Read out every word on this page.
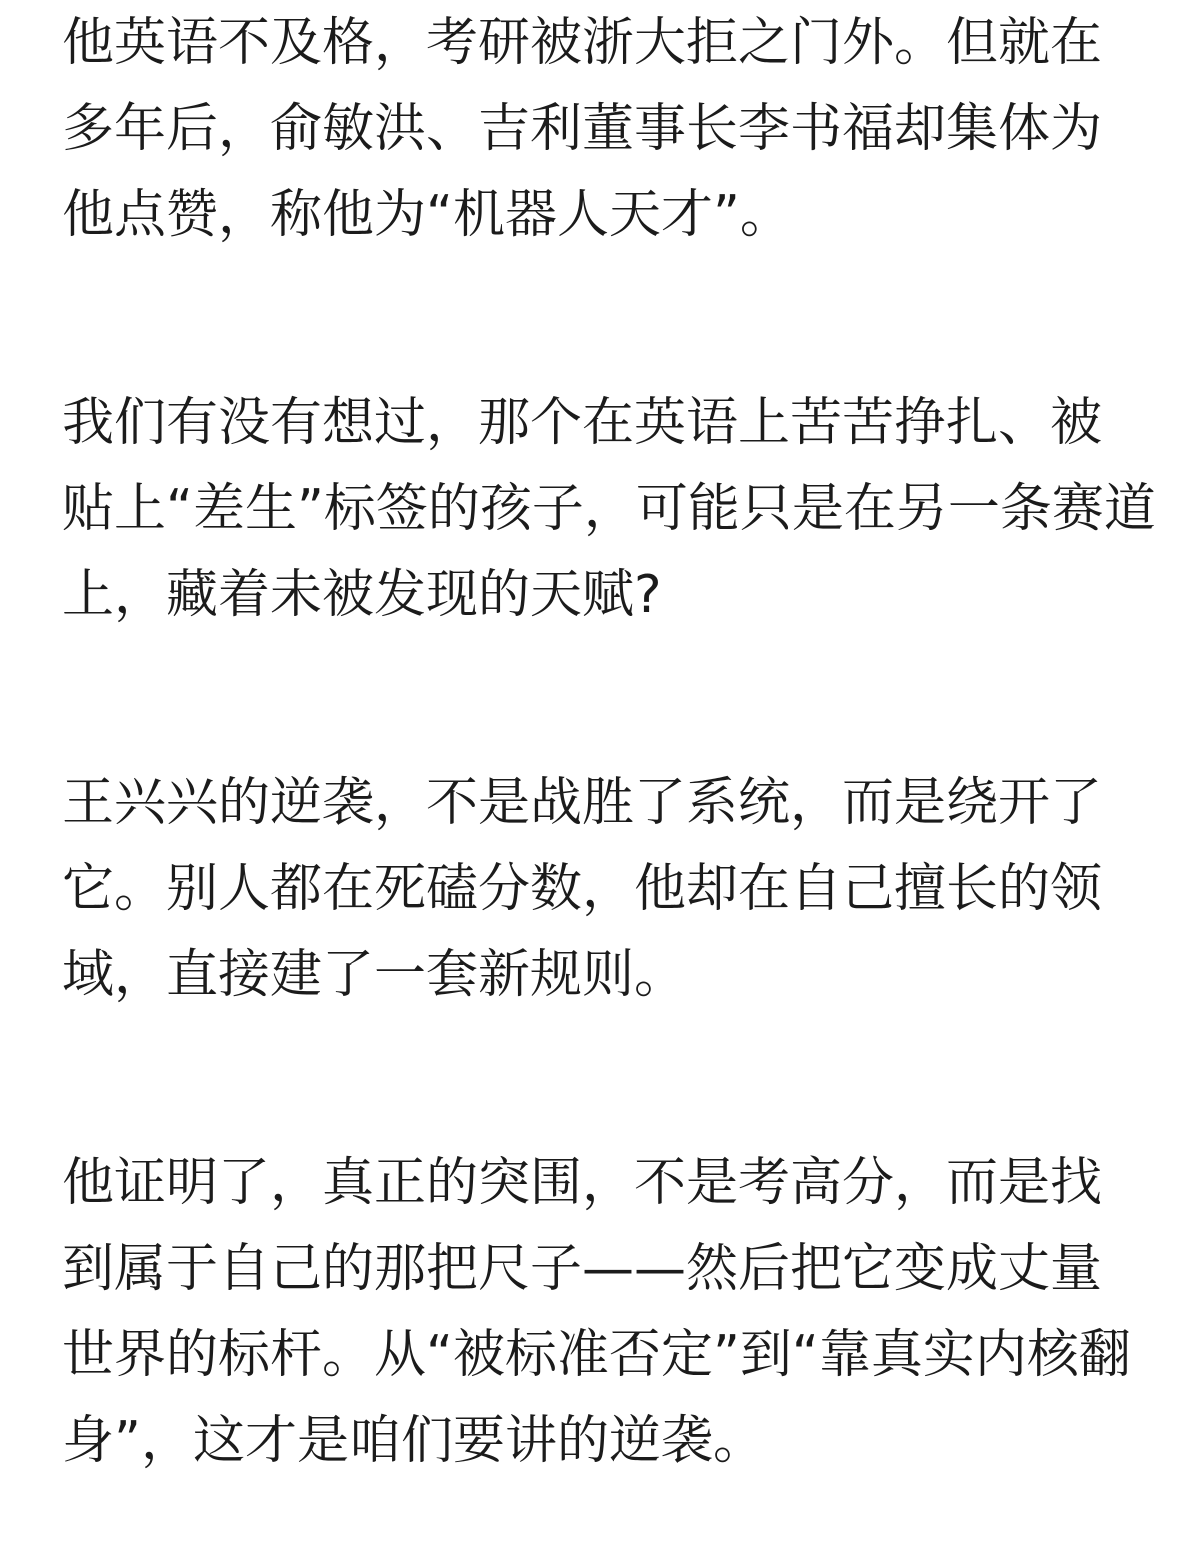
他英语不及格，考研被浙大拒之门外。但就在
多年后，俞敏洪、吉利董事长李书福却集体为
他点赞，称他为“机器人天才”。

我们有没有想过，那个在英语上苦苦挣扎、被
贴上“差生”标签的孩子，可能只是在另一条赛道
上，藏着未被发现的天赋?

王兴兴的逆袭，不是战胜了系统，而是绕开了
它。别人都在死磕分数，他却在自己擅长的领
域，直接建了一套新规则。

他证明了，真正的突围，不是考高分，而是找
到属于自己的那把尺子——然后把它变成丈量
世界的标杆。从“被标准否定”到“靠真实内核翻
身”，这才是咱们要讲的逆袭。
